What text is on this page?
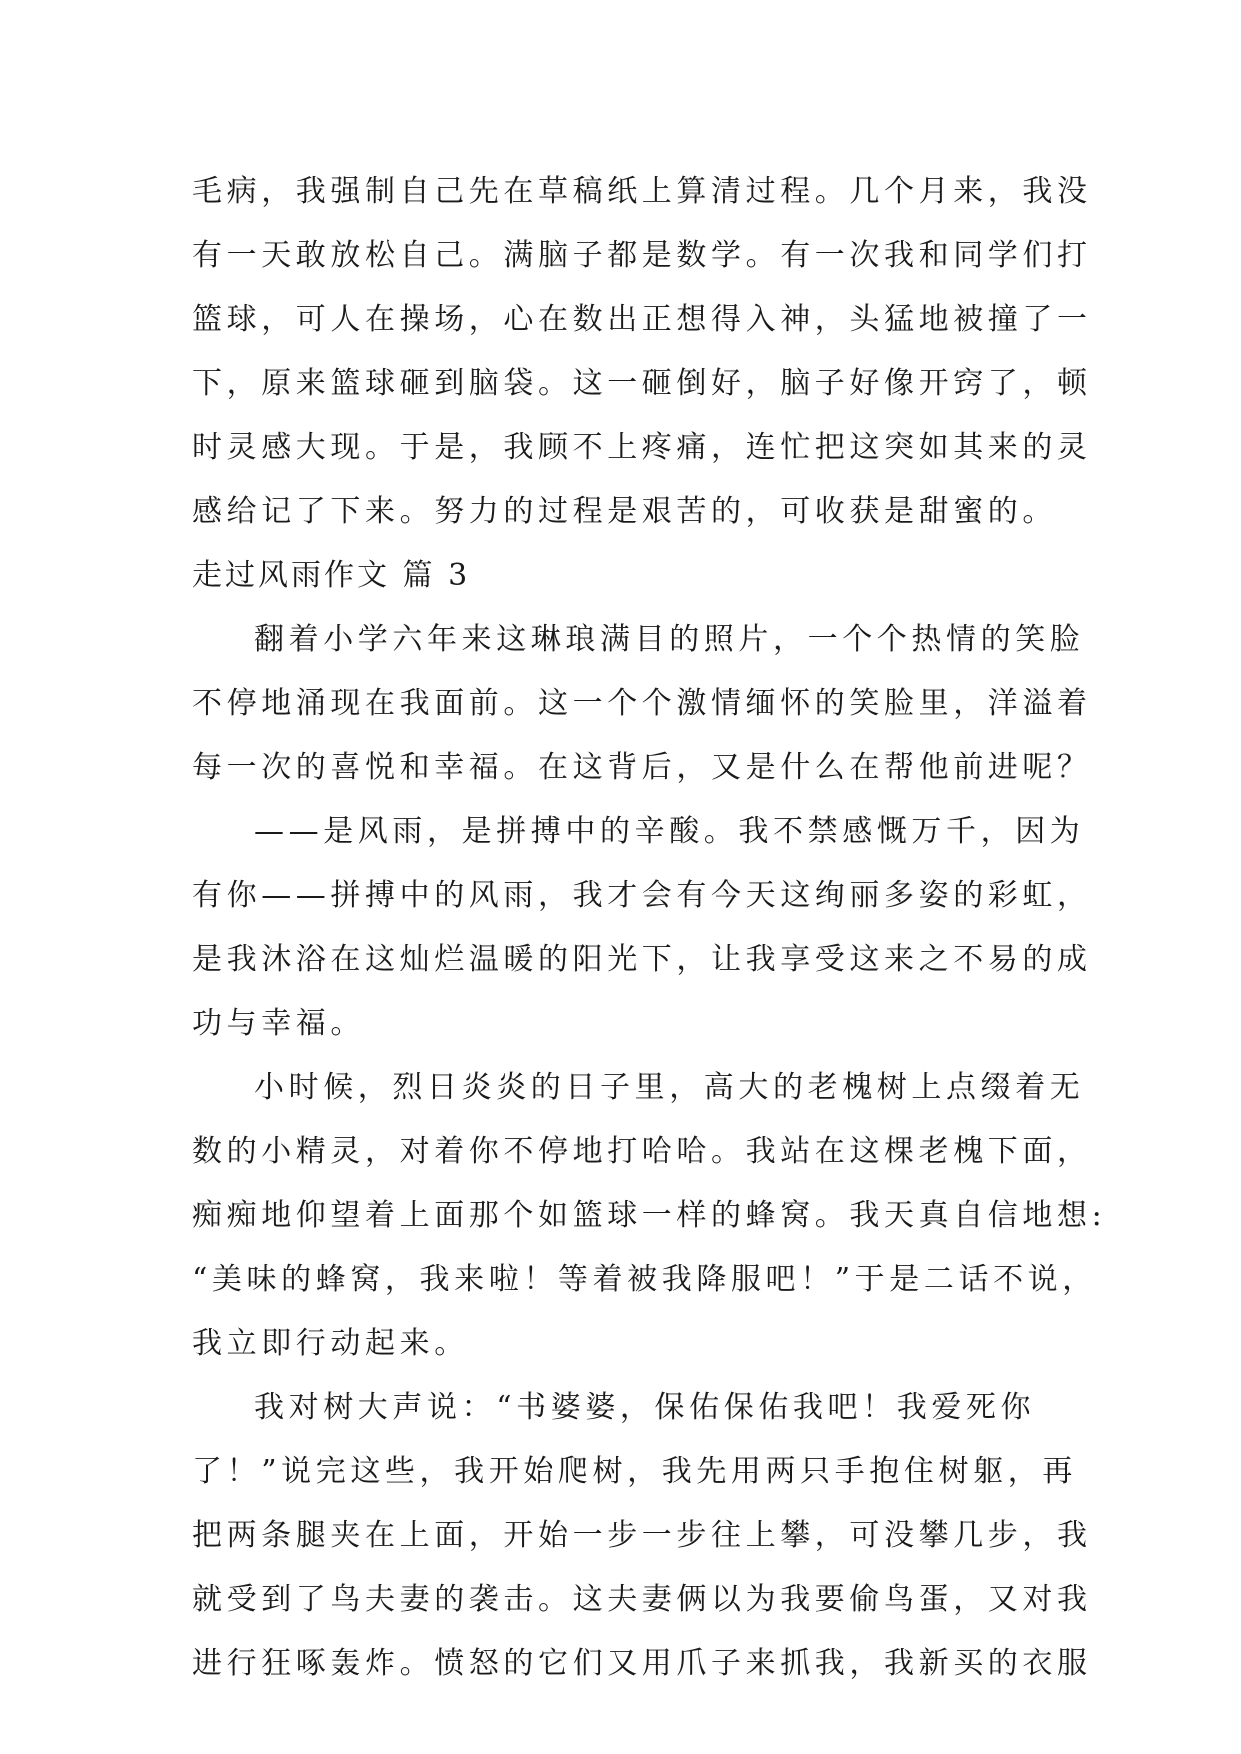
毛病，我强制自己先在草稿纸上算清过程。几个月来，我没
有一天敢放松自己。满脑子都是数学。有一次我和同学们打
篮球，可人在操场，心在数出正想得入神，头猛地被撞了一
下，原来篮球砸到脑袋。这一砸倒好，脑子好像开窍了，顿
时灵感大现。于是，我顾不上疼痛，连忙把这突如其来的灵
感给记了下来。努力的过程是艰苦的，可收获是甜蜜的。
走过风雨作文 篇 3
翻着小学六年来这琳琅满目的照片，一个个热情的笑脸
不停地涌现在我面前。这一个个激情缅怀的笑脸里，洋溢着
每一次的喜悦和幸福。在这背后，又是什么在帮他前进呢？
——是风雨，是拼搏中的辛酸。我不禁感慨万千，因为
有你——拼搏中的风雨，我才会有今天这绚丽多姿的彩虹，
是我沐浴在这灿烂温暖的阳光下，让我享受这来之不易的成
功与幸福。
小时候，烈日炎炎的日子里，高大的老槐树上点缀着无
数的小精灵，对着你不停地打哈哈。我站在这棵老槐下面，
痴痴地仰望着上面那个如篮球一样的蜂窝。我天真自信地想:
“美味的蜂窝，我来啦！等着被我降服吧！”于是二话不说，
我立即行动起来。
我对树大声说：“书婆婆，保佑保佑我吧！我爱死你
了！”说完这些，我开始爬树，我先用两只手抱住树躯，再
把两条腿夹在上面，开始一步一步往上攀，可没攀几步，我
就受到了鸟夫妻的袭击。这夫妻俩以为我要偷鸟蛋，又对我
进行狂啄轰炸。愤怒的它们又用爪子来抓我，我新买的衣服
